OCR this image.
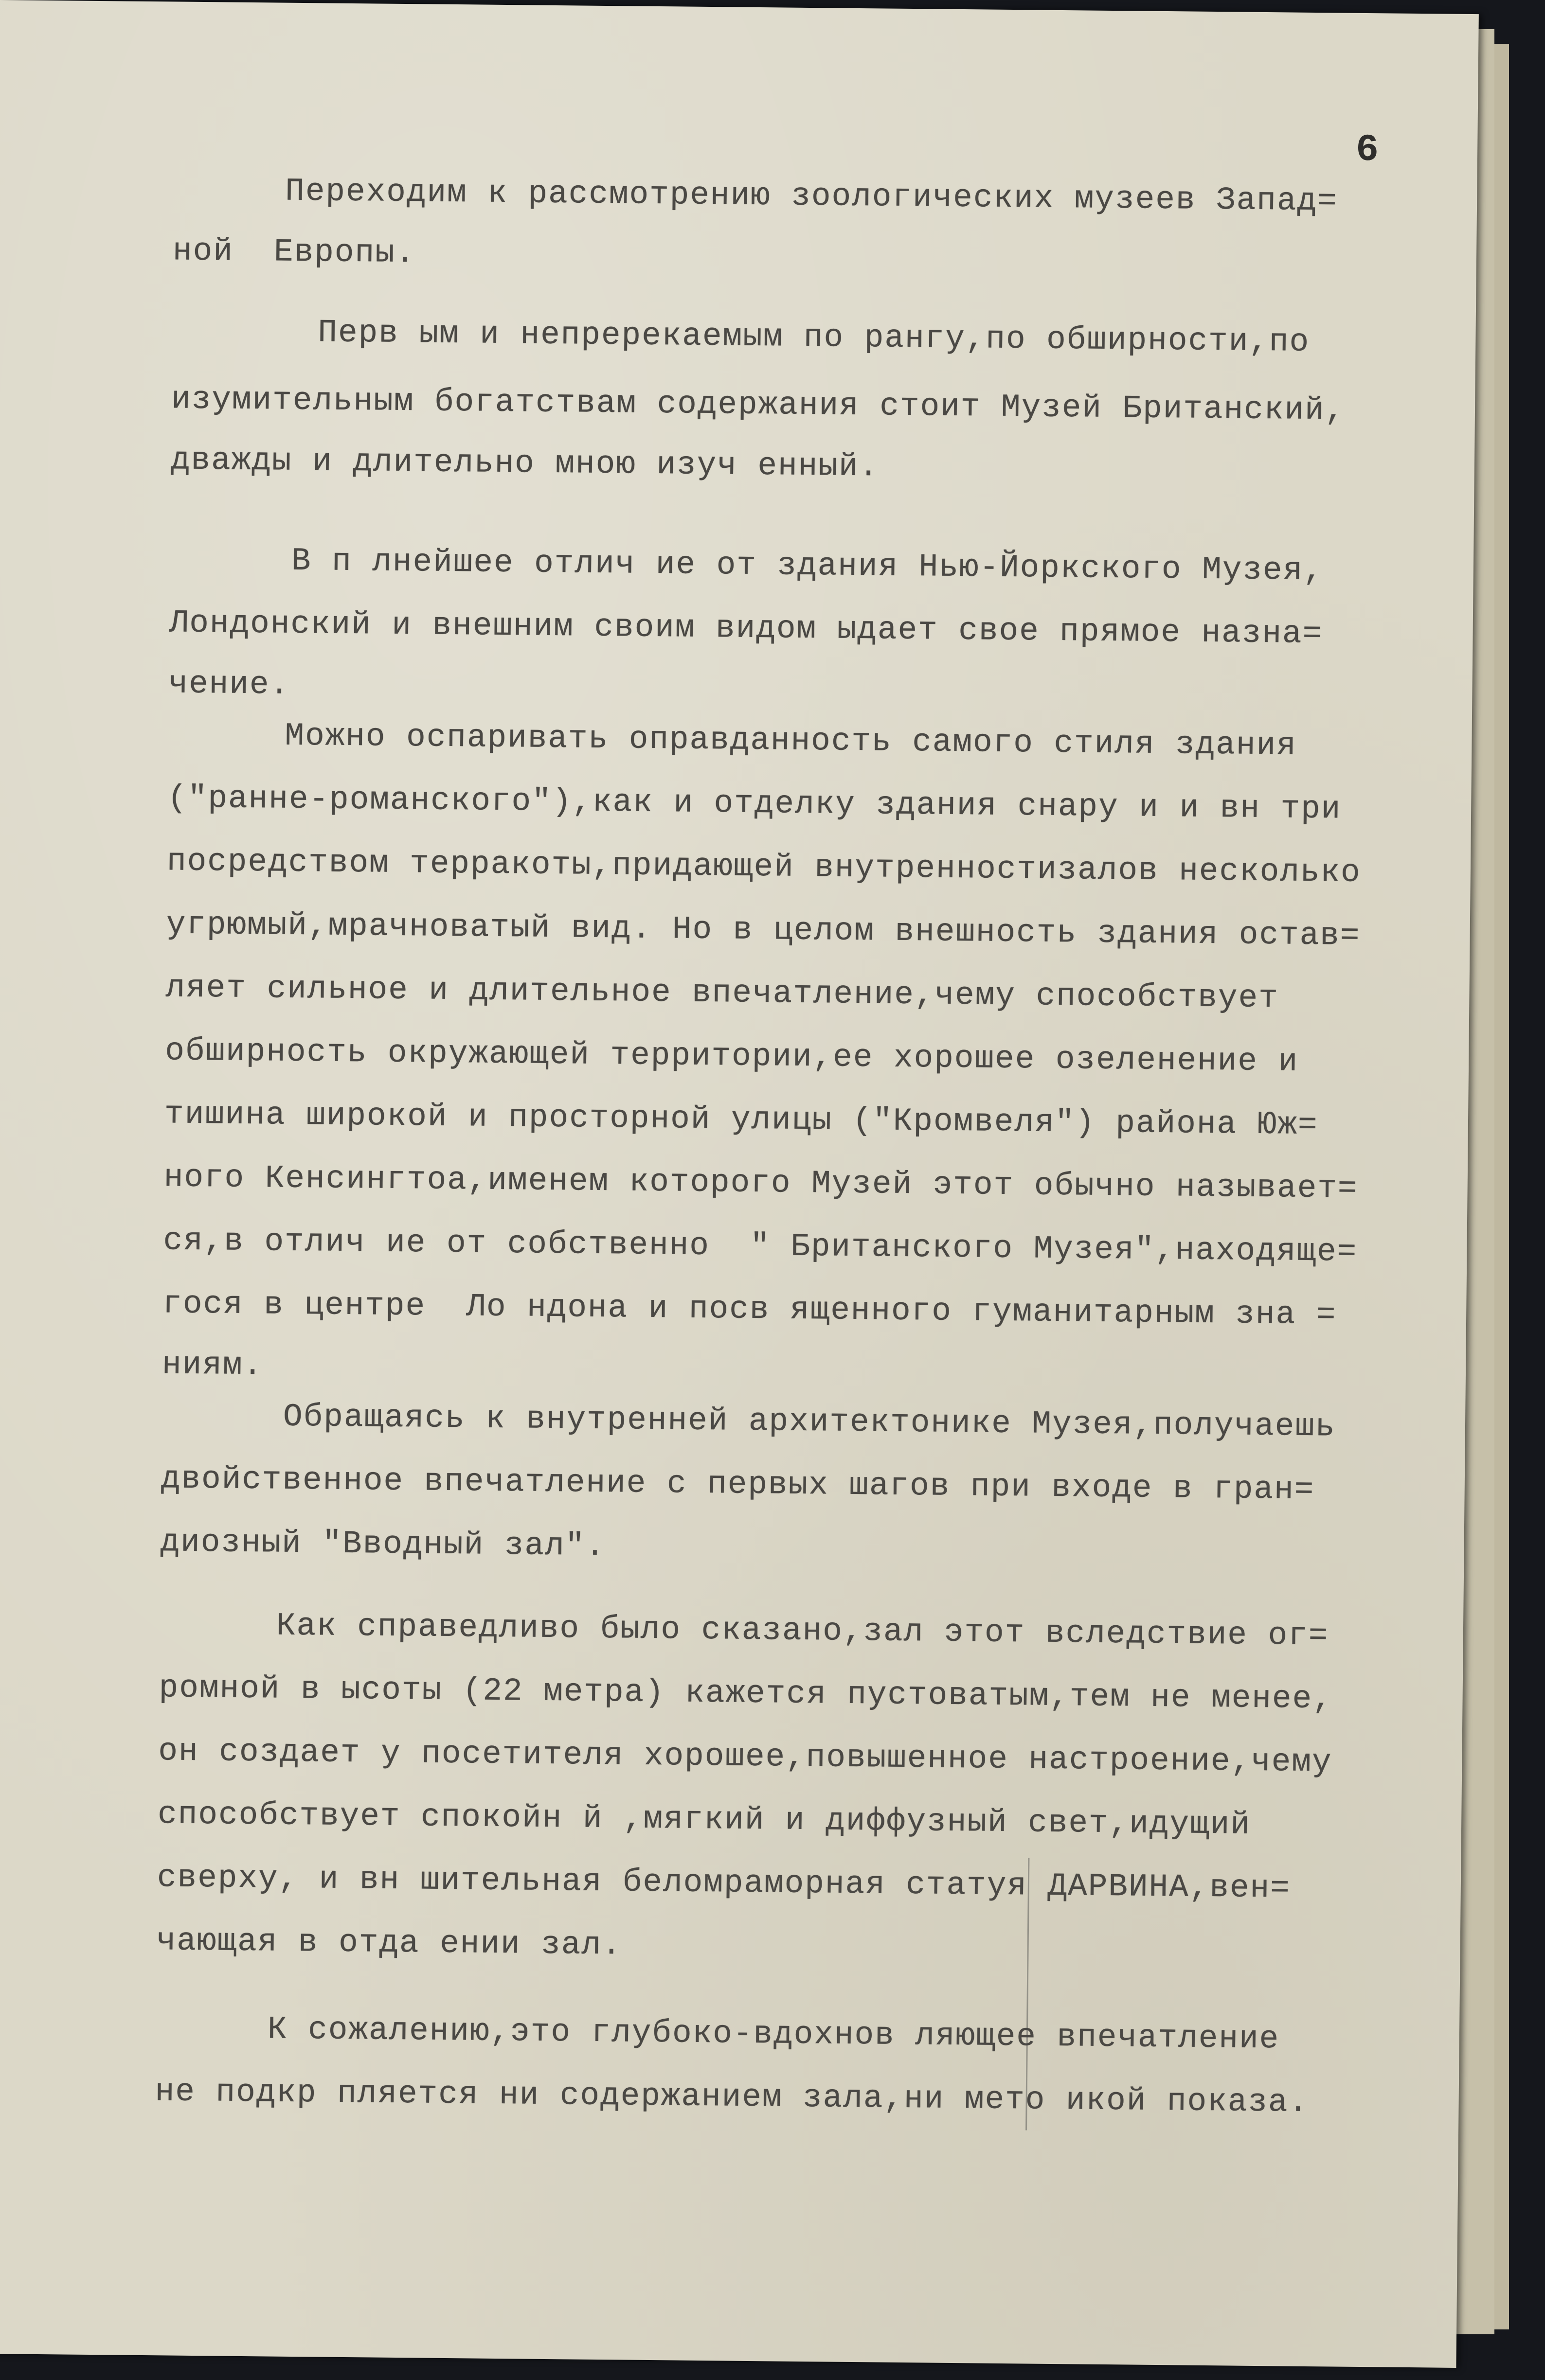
6
Переходим к рассмотрению зоологических музеев Запад=
ной  Европы.
Перв ым и непререкаемым по рангу,по обширности,по
изумительным богатствам содержания стоит Музей Британский,
дважды и длительно мною изуч енный.
В п лнейшее отлич ие от здания Нью-Йоркского Музея,
Лондонский и внешним своим видом ыдает свое прямое назна=
чение.
Можно оспаривать оправданность самого стиля здания
("ранне-романского"),как и отделку здания снару и и вн три
посредством терракоты,придающей внутренностизалов несколько
угрюмый,мрачноватый вид. Но в целом внешность здания остав=
ляет сильное и длительное впечатление,чему способствует
обширность окружающей территории,ее хорошее озеленение и
тишина широкой и просторной улицы ("Кромвеля") района Юж=
ного Кенсингтоа,именем которого Музей этот обычно называет=
ся,в отлич ие от собственно  " Британского Музея",находяще=
гося в центре  Ло ндона и посв ященного гуманитарным зна =
ниям.
Обращаясь к внутренней архитектонике Музея,получаешь
двойственное впечатление с первых шагов при входе в гран=
диозный "Вводный зал".
Как справедливо было сказано,зал этот вследствие ог=
ромной в ысоты (22 метра) кажется пустоватым,тем не менее,
он создает у посетителя хорошее,повышенное настроение,чему
способствует спокойн й ,мягкий и диффузный свет,идущий
сверху, и вн шительная беломраморная статуя ДАРВИНА,вен=
чающая в отда ении зал.
К сожалению,это глубоко-вдохнов ляющее впечатление
не подкр пляется ни содержанием зала,ни мето икой показа.
